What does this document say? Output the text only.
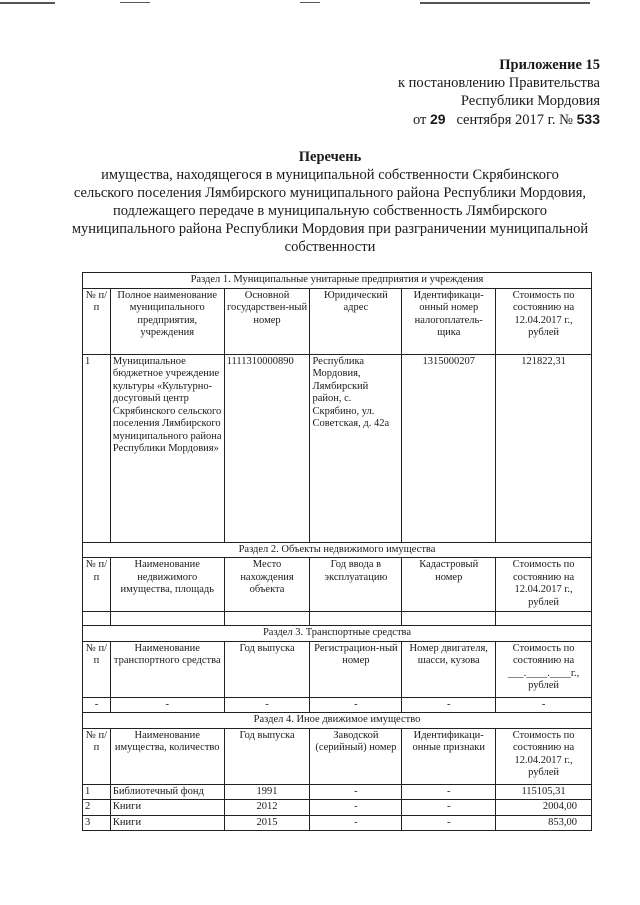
Приложение 15
к постановлению Правительства
Республики Мордовия
от 29 сентября 2017 г. № 533
Перечень
имущества, находящегося в муниципальной собственности Скрябинского сельского поселения Лямбирского муниципального района Республики Мордовия, подлежащего передаче в муниципальную собственность Лямбирского муниципального района Республики Мордовия при разграничении муниципальной собственности
Раздел 1. Муниципальные унитарные предприятия и учреждения					
№ п/п	Полное наименование муниципального предприятия, учреждения	Основной государствен-ный номер	Юридический адрес	Идентификаци-онный номер налогоплатель-щика	Стоимость по состоянию на 12.04.2017 г., рублей
1	Муниципальное бюджетное учреждение культуры «Культурно-досуговый центр Скрябинского сельского поселения Лямбирского муниципального района Республики Мордовия»	1111310000890	Республика Мордовия, Лямбирский район, с. Скрябино, ул. Советская, д. 42а	1315000207	121822,31
Раздел 2. Объекты недвижимого имущества					
№ п/п	Наименование недвижимого имущества, площадь	Место нахождения объекта	Год ввода в эксплуатацию	Кадастровый номер	Стоимость по состоянию на 12.04.2017 г., рублей

Раздел 3. Транспортные средства					
№ п/п	Наименование транспортного средства	Год выпуска	Регистрацион-ный номер	Номер двигателя, шасси, кузова	Стоимость по состоянию на
___.____.____г.,
рублей
-	-	-	-	-	-
Раздел 4. Иное движимое имущество					
№ п/п	Наименование имущества, количество	Год выпуска	Заводской (серийный) номер	Идентификаци-онные признаки	Стоимость по состоянию на 12.04.2017 г., рублей
1	Библиотечный фонд	1991	-	-	115105,31
2	Книги	2012	-	-	2004,00
3	Книги	2015	-	-	853,00
